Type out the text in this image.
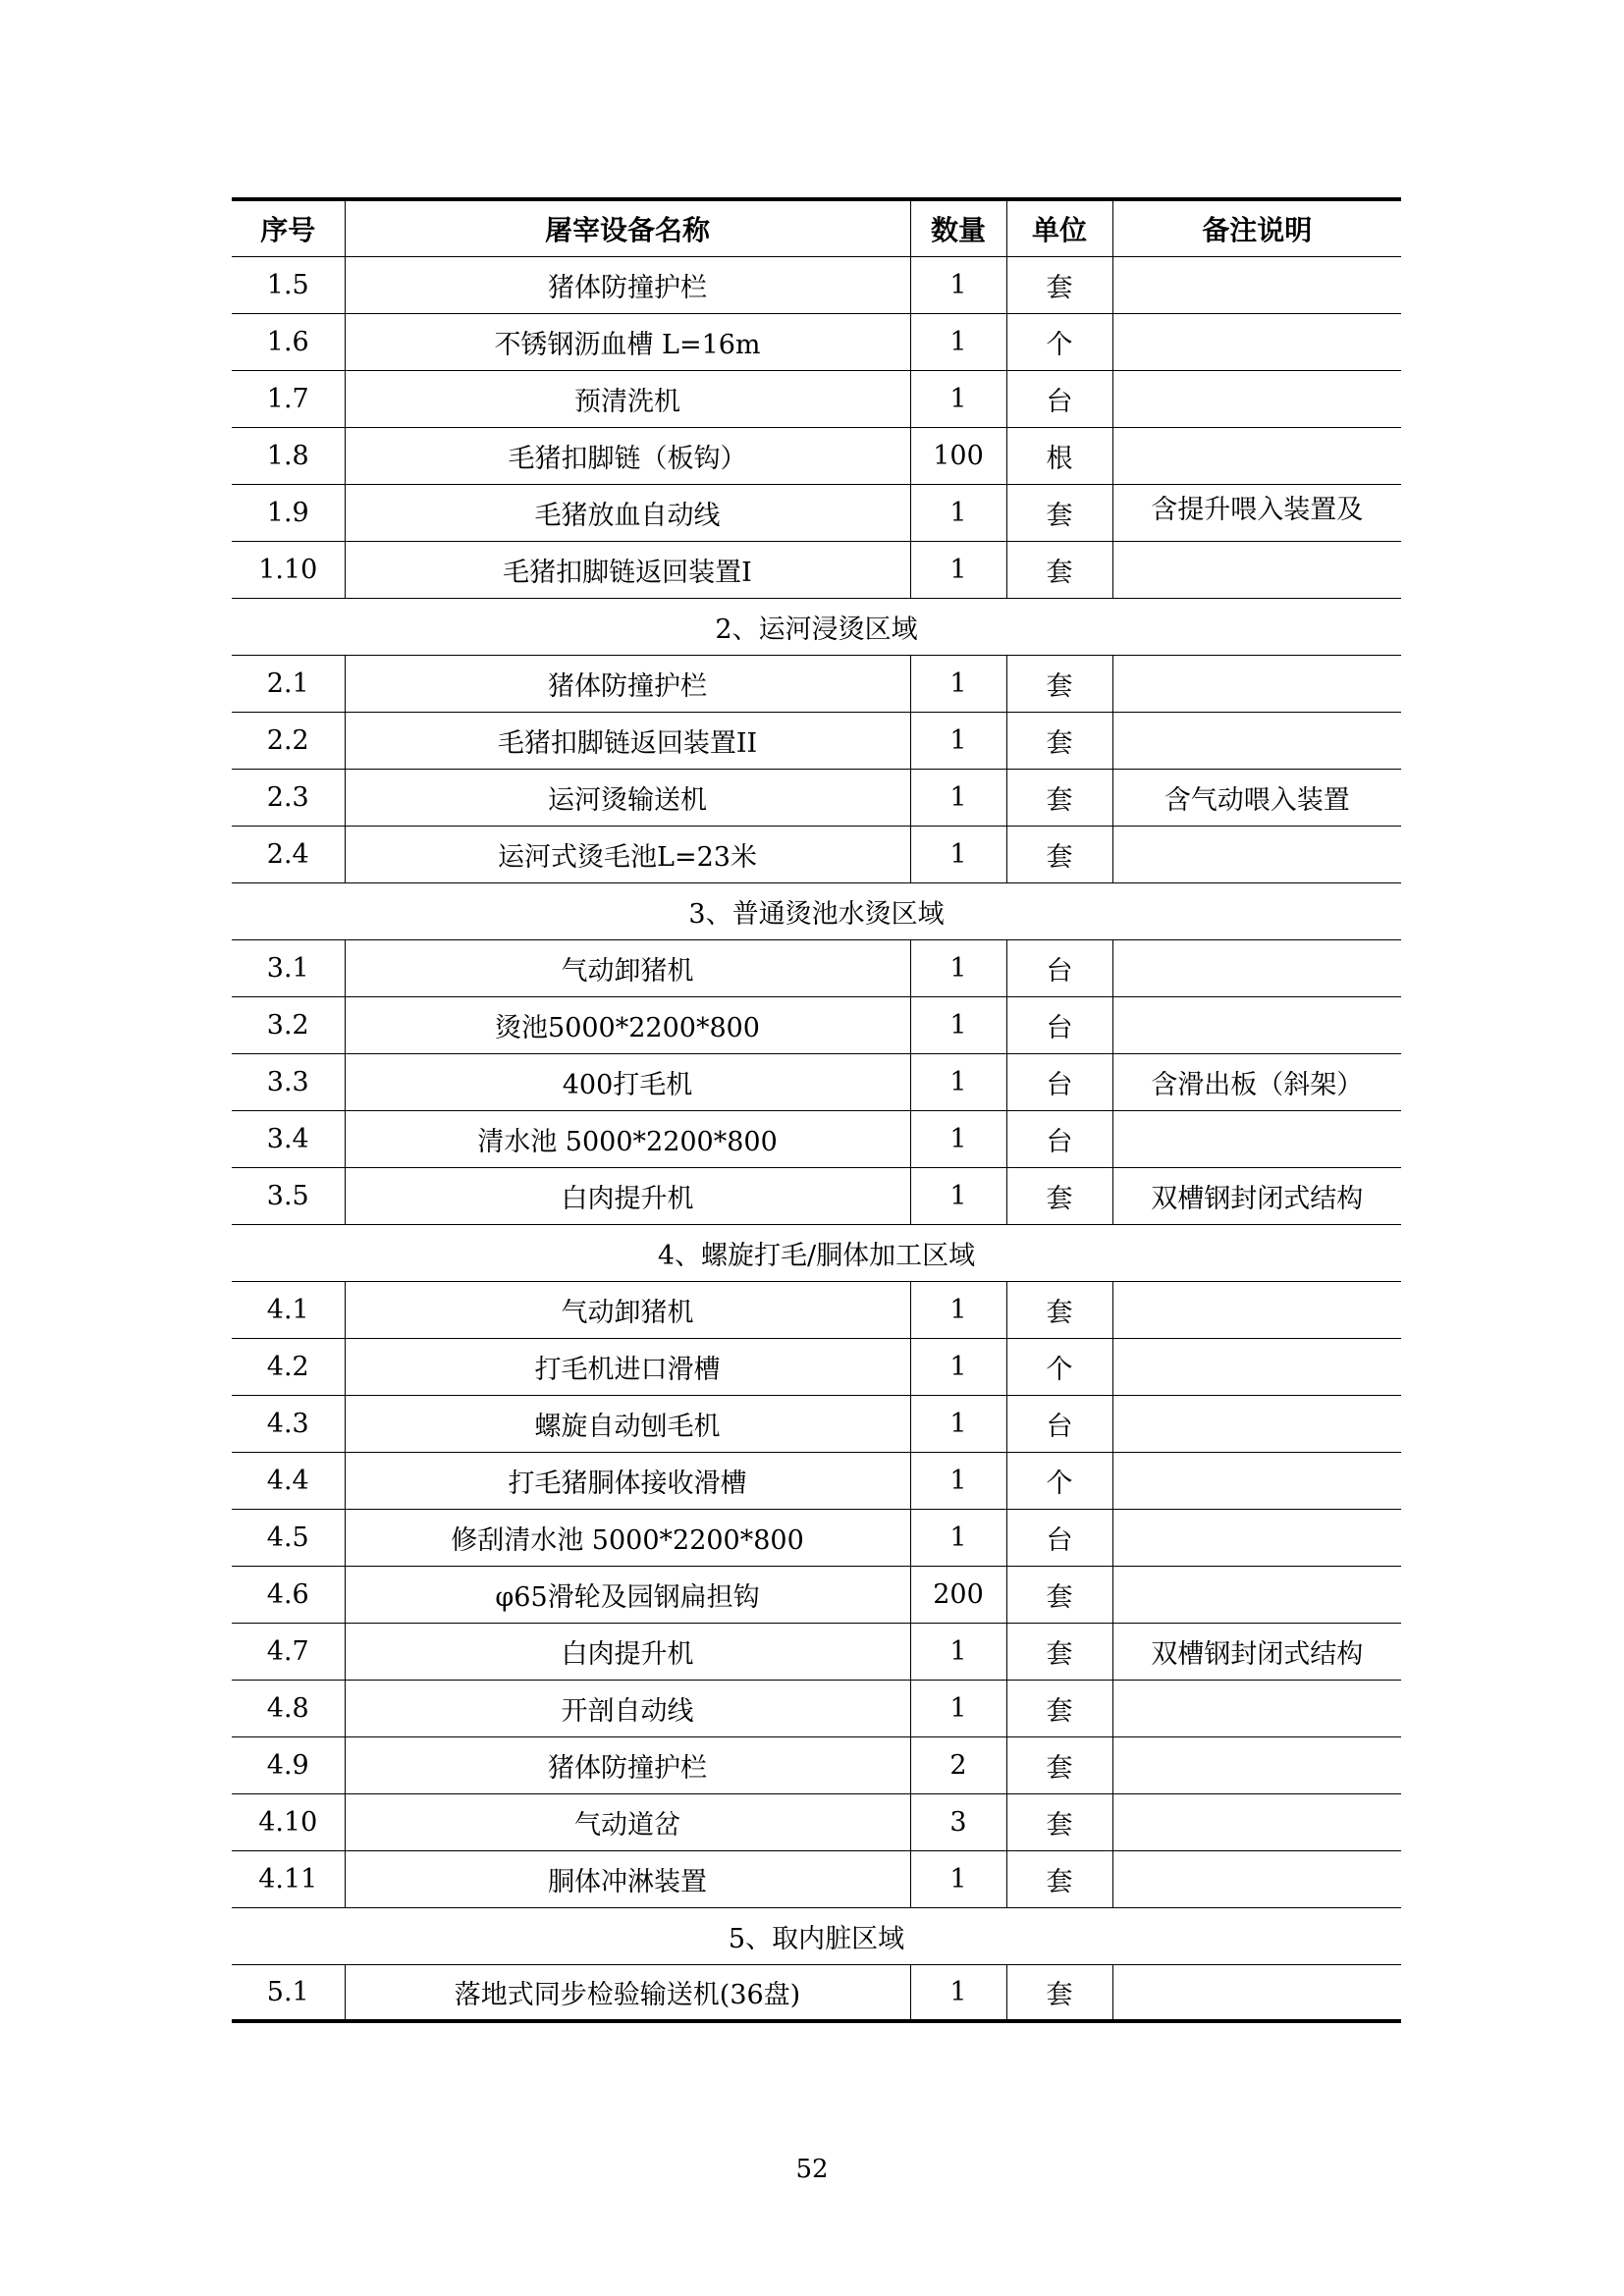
序号	屠宰设备名称	数量	单位	备注说明
1.5	猪体防撞护栏	1	套	
1.6	不锈钢沥血槽 L=16m	1	个	
1.7	预清洗机	1	台	
1.8	毛猪扣脚链（板钩）	100	根	
1.9	毛猪放血自动线	1	套	含提升喂入装置及

1.10	毛猪扣脚链返回装置I	1	套	
2、运河浸烫区域				
2.1	猪体防撞护栏	1	套	
2.2	毛猪扣脚链返回装置II	1	套	
2.3	运河烫输送机	1	套	含气动喂入装置
2.4	运河式烫毛池L=23米	1	套	
3、普通烫池水烫区域				
3.1	气动卸猪机	1	台	
3.2	烫池5000*2200*800	1	台	
3.3	400打毛机	1	台	含滑出板（斜架）
3.4	清水池 5000*2200*800	1	台	
3.5	白肉提升机	1	套	双槽钢封闭式结构
4、螺旋打毛/胴体加工区域				
4.1	气动卸猪机	1	套	
4.2	打毛机进口滑槽	1	个	
4.3	螺旋自动刨毛机	1	台	
4.4	打毛猪胴体接收滑槽	1	个	
4.5	修刮清水池 5000*2200*800	1	台	
4.6	φ65滑轮及园钢扁担钩	200	套	
4.7	白肉提升机	1	套	双槽钢封闭式结构
4.8	开剖自动线	1	套	
4.9	猪体防撞护栏	2	套	
4.10	气动道岔	3	套	
4.11	胴体冲淋装置	1	套	
5、取内脏区域				
5.1	落地式同步检验输送机(36盘)	1	套	
52
